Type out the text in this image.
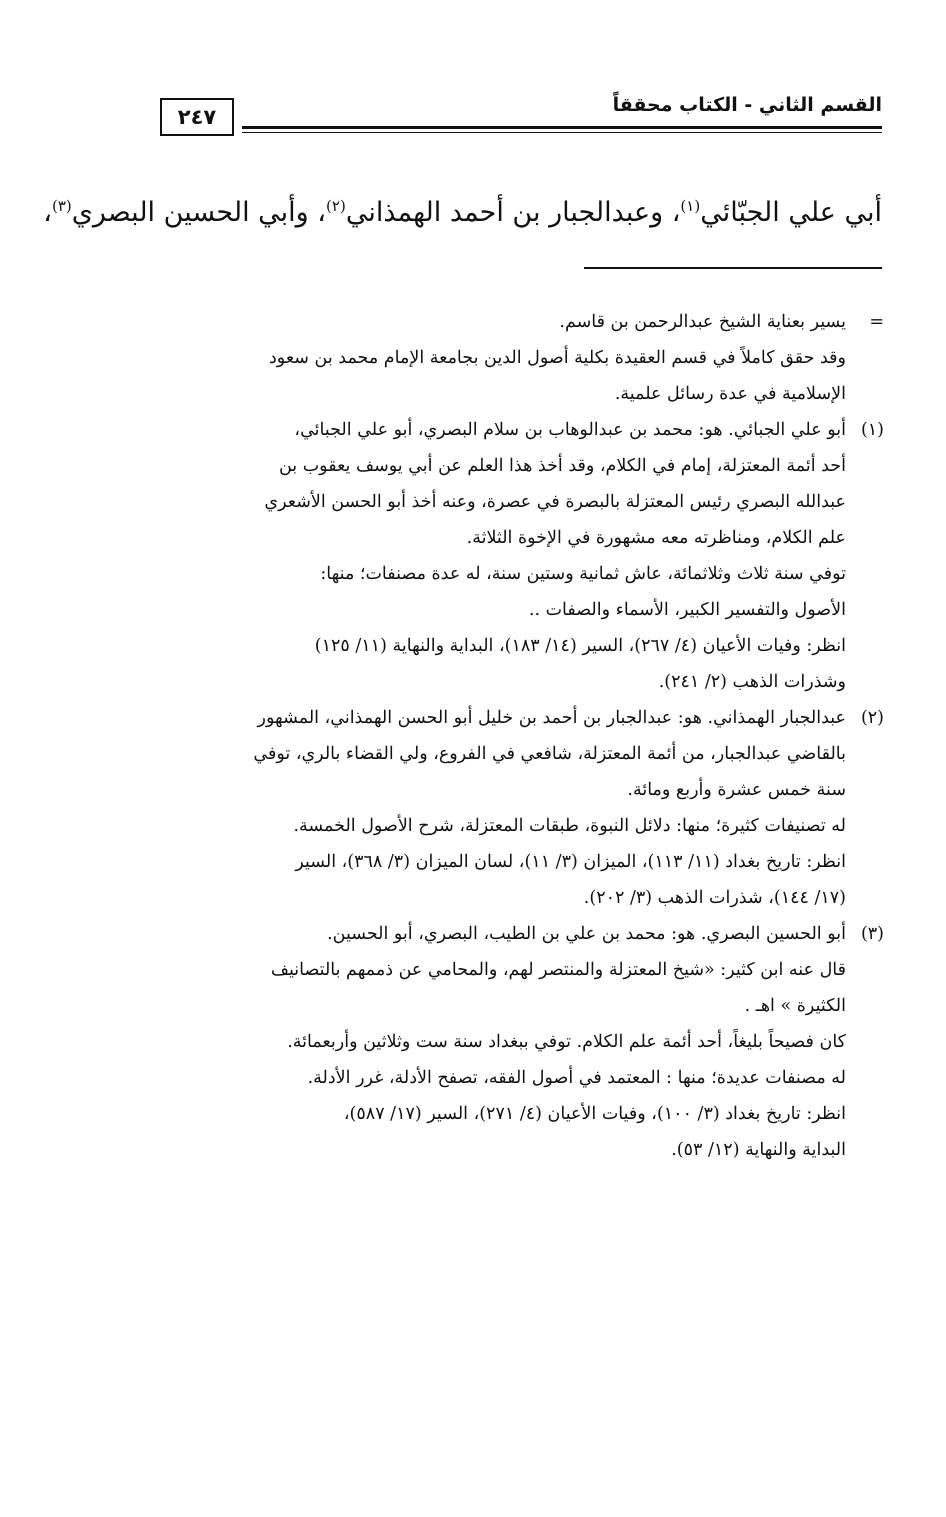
القسم الثاني - الكتاب محققاً
٢٤٧
أبي علي الجبّائي$^{(١)}$، وعبدالجبار بن أحمد الهمذاني$^{(٢)}$، وأبي الحسين البصري$^{(٣)}$،
=
يسير بعناية الشيخ عبدالرحمن بن قاسم.
وقد حقق كاملاً في قسم العقيدة بكلية أصول الدين بجامعة الإمام محمد بن سعود
الإسلامية في عدة رسائل علمية.
(١)
أبو علي الجبائي. هو: محمد بن عبدالوهاب بن سلام البصري، أبو علي الجبائي،
أحد أئمة المعتزلة، إمام في الكلام، وقد أخذ هذا العلم عن أبي يوسف يعقوب بن
عبدالله البصري رئيس المعتزلة بالبصرة في عصرة، وعنه أخذ أبو الحسن الأشعري
علم الكلام، ومناظرته معه مشهورة في الإخوة الثلاثة.
توفي سنة ثلاث وثلاثمائة، عاش ثمانية وستين سنة، له عدة مصنفات؛ منها:
الأصول والتفسير الكبير، الأسماء والصفات ..
انظر: وفيات الأعيان (٤/ ٢٦٧)، السير (١٤/ ١٨٣)، البداية والنهاية (١١/ ١٢٥)
وشذرات الذهب (٢/ ٢٤١).
(٢)
عبدالجبار الهمذاني. هو: عبدالجبار بن أحمد بن خليل أبو الحسن الهمذاني، المشهور
بالقاضي عبدالجبار، من أئمة المعتزلة، شافعي في الفروع، ولي القضاء بالري، توفي
سنة خمس عشرة وأربع ومائة.
له تصنيفات كثيرة؛ منها: دلائل النبوة، طبقات المعتزلة، شرح الأصول الخمسة.
انظر: تاريخ بغداد (١١/ ١١٣)، الميزان (٣/ ١١)، لسان الميزان (٣/ ٣٦٨)، السير
(١٧/ ١٤٤)، شذرات الذهب (٣/ ٢٠٢).
(٣)
أبو الحسين البصري. هو: محمد بن علي بن الطيب، البصري، أبو الحسين.
قال عنه ابن كثير: «شيخ المعتزلة والمنتصر لهم، والمحامي عن ذممهم بالتصانيف
الكثيرة » اهـ .
كان فصيحاً بليغاً، أحد أئمة علم الكلام. توفي ببغداد سنة ست وثلاثين وأربعمائة.
له مصنفات عديدة؛ منها : المعتمد في أصول الفقه، تصفح الأدلة، غرر الأدلة.
انظر: تاريخ بغداد (٣/ ١٠٠)، وفيات الأعيان (٤/ ٢٧١)، السير (١٧/ ٥٨٧)،
البداية والنهاية (١٢/ ٥٣).
